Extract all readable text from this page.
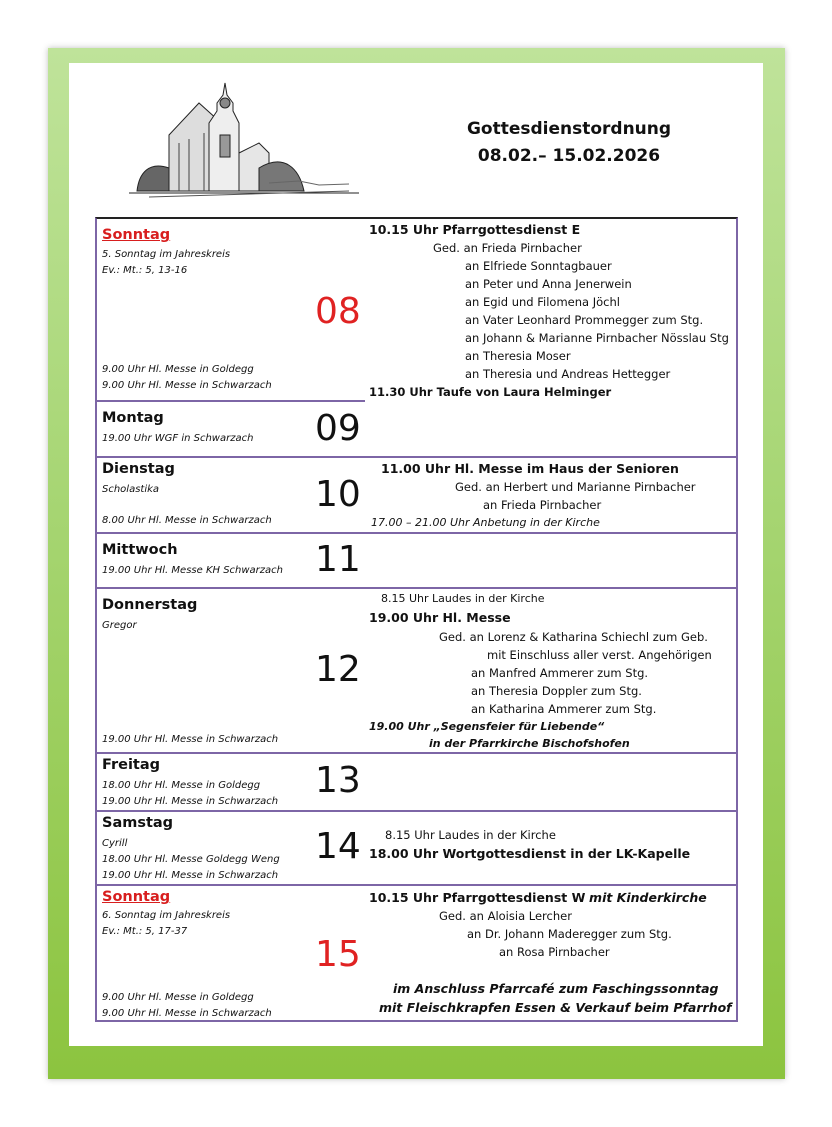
Gottesdienstordnung
08.02.– 15.02.2026
Sonntag
5. Sonntag im Jahreskreis
Ev.: Mt.: 5, 13-16
08
9.00 Uhr Hl. Messe in Goldegg
9.00 Uhr Hl. Messe in Schwarzach
10.15 Uhr Pfarrgottesdienst E
Ged. an Frieda Pirnbacher
an Elfriede Sonntagbauer
an Peter und Anna Jenerwein
an Egid und Filomena Jöchl
an Vater Leonhard Prommegger zum Stg.
an Johann & Marianne Pirnbacher Nösslau Stg
an Theresia Moser
an Theresia und Andreas Hettegger
11.30 Uhr Taufe von Laura Helminger
Montag
19.00 Uhr WGF in Schwarzach 09
Dienstag
Scholastika	10
8.00 Uhr Hl. Messe in Schwarzach
11.00 Uhr Hl. Messe im Haus der Senioren
Ged. an Herbert und Marianne Pirnbacher
an Frieda Pirnbacher
17.00 – 21.00 Uhr Anbetung in der Kirche
Mittwoch
19.00 Uhr Hl. Messe KH Schwarzach 11
Donnerstag
Gregor
12
19.00 Uhr Hl. Messe in Schwarzach
8.15 Uhr Laudes in der Kirche
19.00 Uhr Hl. Messe
Ged. an Lorenz & Katharina Schiechl zum Geb.
mit Einschluss aller verst. Angehörigen
an Manfred Ammerer zum Stg.
an Theresia Doppler zum Stg.
an Katharina Ammerer zum Stg.
19.00 Uhr „Segensfeier für Liebende“
in der Pfarrkirche Bischofshofen
Freitag
18.00 Uhr Hl. Messe in Goldegg
19.00 Uhr Hl. Messe in Schwarzach
13
Samstag
Cyrill
18.00 Uhr Hl. Messe Goldegg Weng
19.00 Uhr Hl. Messe in Schwarzach
14 8.15 Uhr Laudes in der Kirche
18.00 Uhr Wortgottesdienst in der LK-Kapelle
Sonntag
6. Sonntag im Jahreskreis
Ev.: Mt.: 5, 17-37
15
9.00 Uhr Hl. Messe in Goldegg
9.00 Uhr Hl. Messe in Schwarzach
10.15 Uhr Pfarrgottesdienst W mit Kinderkirche
Ged. an Aloisia Lercher
an Dr. Johann Maderegger zum Stg.
an Rosa Pirnbacher
im Anschluss Pfarrcafé zum Faschingssonntag
mit Fleischkrapfen Essen & Verkauf beim Pfarrhof
